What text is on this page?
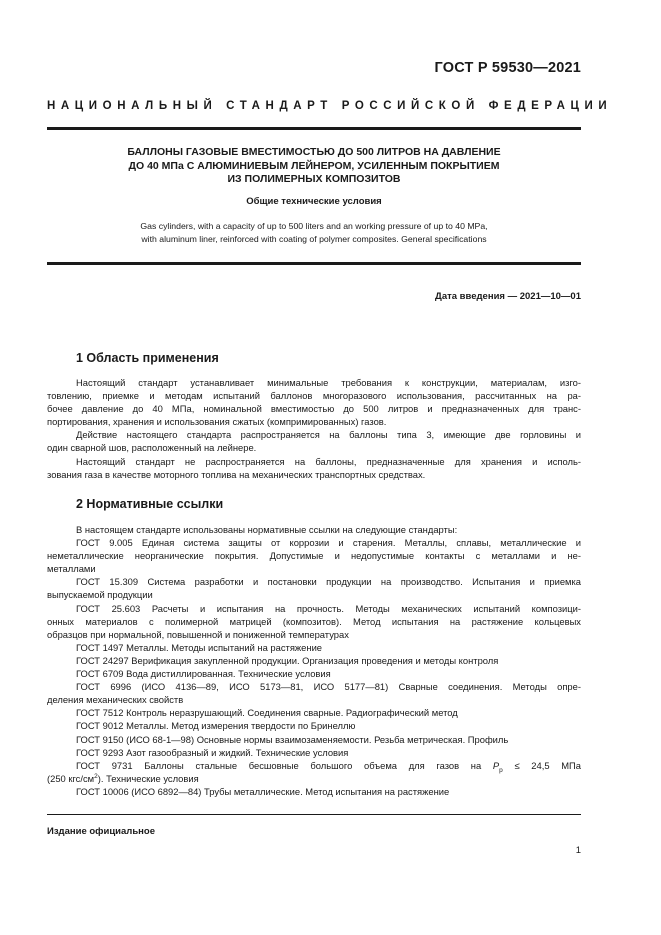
ГОСТ Р 59530—2021
НАЦИОНАЛЬНЫЙ СТАНДАРТ РОССИЙСКОЙ ФЕДЕРАЦИИ
БАЛЛОНЫ ГАЗОВЫЕ ВМЕСТИМОСТЬЮ ДО 500 ЛИТРОВ НА ДАВЛЕНИЕ
ДО 40 МПа С АЛЮМИНИЕВЫМ ЛЕЙНЕРОМ, УСИЛЕННЫМ ПОКРЫТИЕМ
ИЗ ПОЛИМЕРНЫХ КОМПОЗИТОВ
Общие технические условия
Gas cylinders, with a capacity of up to 500 liters and an working pressure of up to 40 MPa,
with aluminum liner, reinforced with coating of polymer composites. General specifications
Дата введения — 2021—10—01
1 Область применения
Настоящий стандарт устанавливает минимальные требования к конструкции, материалам, изго-
товлению, приемке и методам испытаний баллонов многоразового использования, рассчитанных на ра-
бочее давление до 40 МПа, номинальной вместимостью до 500 литров и предназначенных для транс-
портирования, хранения и использования сжатых (компримированных) газов.
Действие настоящего стандарта распространяется на баллоны типа 3, имеющие две горловины и
один сварной шов, расположенный на лейнере.
Настоящий стандарт не распространяется на баллоны, предназначенные для хранения и исполь-
зования газа в качестве моторного топлива на механических транспортных средствах.
2 Нормативные ссылки
В настоящем стандарте использованы нормативные ссылки на следующие стандарты:
ГОСТ 9.005 Единая система защиты от коррозии и старения. Металлы, сплавы, металлические и
неметаллические неорганические покрытия. Допустимые и недопустимые контакты с металлами и не-
металлами
ГОСТ 15.309 Система разработки и постановки продукции на производство. Испытания и приемка
выпускаемой продукции
ГОСТ 25.603 Расчеты и испытания на прочность. Методы механических испытаний композици-
онных материалов с полимерной матрицей (композитов). Метод испытания на растяжение кольцевых
образцов при нормальной, повышенной и пониженной температурах
ГОСТ 1497 Металлы. Методы испытаний на растяжение
ГОСТ 24297 Верификация закупленной продукции. Организация проведения и методы контроля
ГОСТ 6709 Вода дистиллированная. Технические условия
ГОСТ 6996 (ИСО 4136—89, ИСО 5173—81, ИСО 5177—81) Сварные соединения. Методы опре-
деления механических свойств
ГОСТ 7512 Контроль неразрушающий. Соединения сварные. Радиографический метод
ГОСТ 9012 Металлы. Метод измерения твердости по Бринеллю
ГОСТ 9150 (ИСО 68-1—98) Основные нормы взаимозаменяемости. Резьба метрическая. Профиль
ГОСТ 9293 Азот газообразный и жидкий. Технические условия
ГОСТ 9731 Баллоны стальные бесшовные большого объема для газов на $P_р \le 24,5$ МПа
(250 кгс/$см^2$). Технические условия
ГОСТ 10006 (ИСО 6892—84) Трубы металлические. Метод испытания на растяжение
Издание официальное
1
